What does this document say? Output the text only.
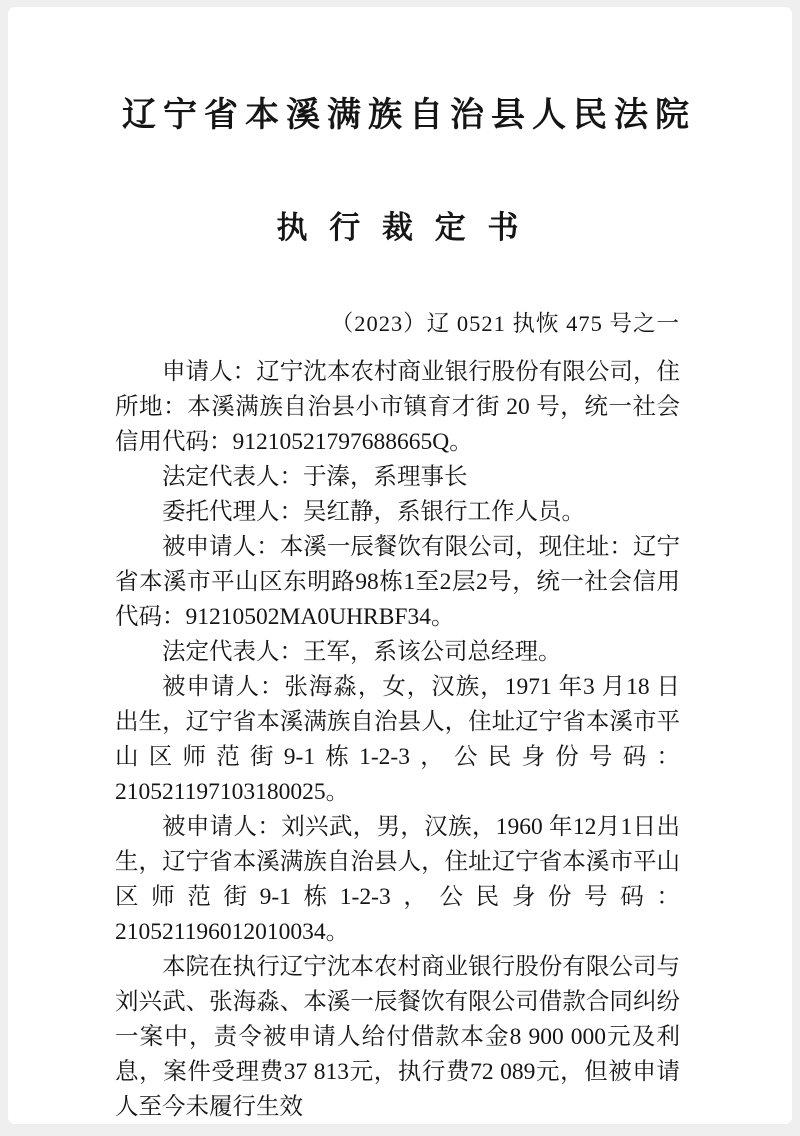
辽宁省本溪满族自治县人民法院
执 行 裁 定 书
（2023）辽 0521 执恢 475 号之一

申请人：辽宁沈本农村商业银行股份有限公司，住所地：本溪满族自治县小市镇育才街 20 号，统一社会信用代码：91210521797688665Q。

法定代表人：于溱，系理事长

委托代理人：吴红静，系银行工作人员。

被申请人：本溪一辰餐饮有限公司，现住址：辽宁省本溪市平山区东明路98栋1至2层2号，统一社会信用代码：91210502MA0UHRBF34。

法定代表人：王军，系该公司总经理。

被申请人：张海淼，女，汉族，1971 年3 月18 日出生，辽宁省本溪满族自治县人，住址辽宁省本溪市平山区师范街9-1栋1-2-3，公民身份号码：210521197103180025。

被申请人：刘兴武，男，汉族，1960 年12月1日出生，辽宁省本溪满族自治县人，住址辽宁省本溪市平山区师范街9-1栋1-2-3，公民身份号码：210521196012010034。

本院在执行辽宁沈本农村商业银行股份有限公司与刘兴武、张海淼、本溪一辰餐饮有限公司借款合同纠纷一案中，责令被申请人给付借款本金8 900 000元及利息，案件受理费37 813元，执行费72 089元，但被申请人至今未履行生效
